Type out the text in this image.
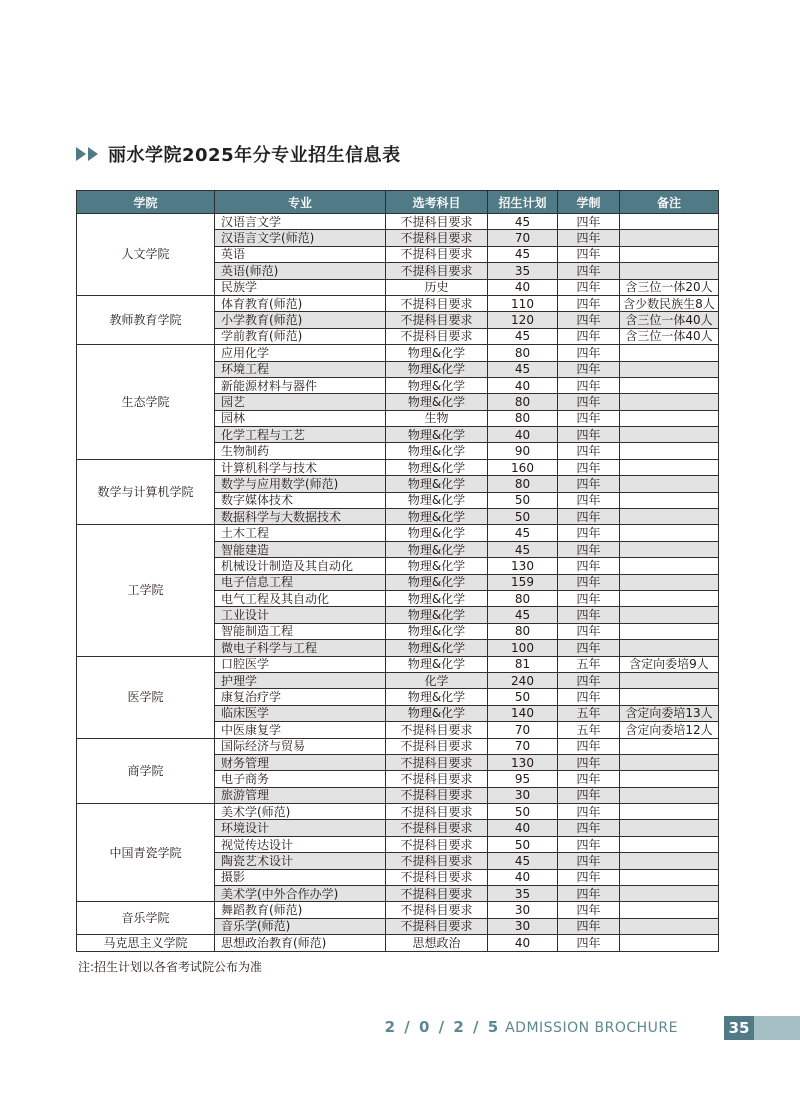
丽水学院2025年分专业招生信息表
学院	专业	选考科目	招生计划	学制	备注
人文学院	汉语言文学	不提科目要求	45	四年	
	汉语言文学(师范)	不提科目要求	70	四年	
	英语	不提科目要求	45	四年	
	英语(师范)	不提科目要求	35	四年	
	民族学	历史	40	四年	含三位一体20人
教师教育学院	体育教育(师范)	不提科目要求	110	四年	含少数民族生8人
	小学教育(师范)	不提科目要求	120	四年	含三位一体40人
	学前教育(师范)	不提科目要求	45	四年	含三位一体40人
生态学院	应用化学	物理&化学	80	四年	
	环境工程	物理&化学	45	四年	
	新能源材料与器件	物理&化学	40	四年	
	园艺	物理&化学	80	四年	
	园林	生物	80	四年	
	化学工程与工艺	物理&化学	40	四年	
	生物制药	物理&化学	90	四年	
数学与计算机学院	计算机科学与技术	物理&化学	160	四年	
	数学与应用数学(师范)	物理&化学	80	四年	
	数字媒体技术	物理&化学	50	四年	
	数据科学与大数据技术	物理&化学	50	四年	
工学院	土木工程	物理&化学	45	四年	
	智能建造	物理&化学	45	四年	
	机械设计制造及其自动化	物理&化学	130	四年	
	电子信息工程	物理&化学	159	四年	
	电气工程及其自动化	物理&化学	80	四年	
	工业设计	物理&化学	45	四年	
	智能制造工程	物理&化学	80	四年	
	微电子科学与工程	物理&化学	100	四年	
医学院	口腔医学	物理&化学	81	五年	含定向委培9人
	护理学	化学	240	四年	
	康复治疗学	物理&化学	50	四年	
	临床医学	物理&化学	140	五年	含定向委培13人
	中医康复学	不提科目要求	70	五年	含定向委培12人
商学院	国际经济与贸易	不提科目要求	70	四年	
	财务管理	不提科目要求	130	四年	
	电子商务	不提科目要求	95	四年	
	旅游管理	不提科目要求	30	四年	
中国青瓷学院	美术学(师范)	不提科目要求	50	四年	
	环境设计	不提科目要求	40	四年	
	视觉传达设计	不提科目要求	50	四年	
	陶瓷艺术设计	不提科目要求	45	四年	
	摄影	不提科目要求	40	四年	
	美术学(中外合作办学)	不提科目要求	35	四年	
音乐学院	舞蹈教育(师范)	不提科目要求	30	四年	
	音乐学(师范)	不提科目要求	30	四年	
马克思主义学院	思想政治教育(师范)	思想政治	40	四年	
注:招生计划以各省考试院公布为准
2 / 0 / 2 / 5 ADMISSION BROCHURE	35
